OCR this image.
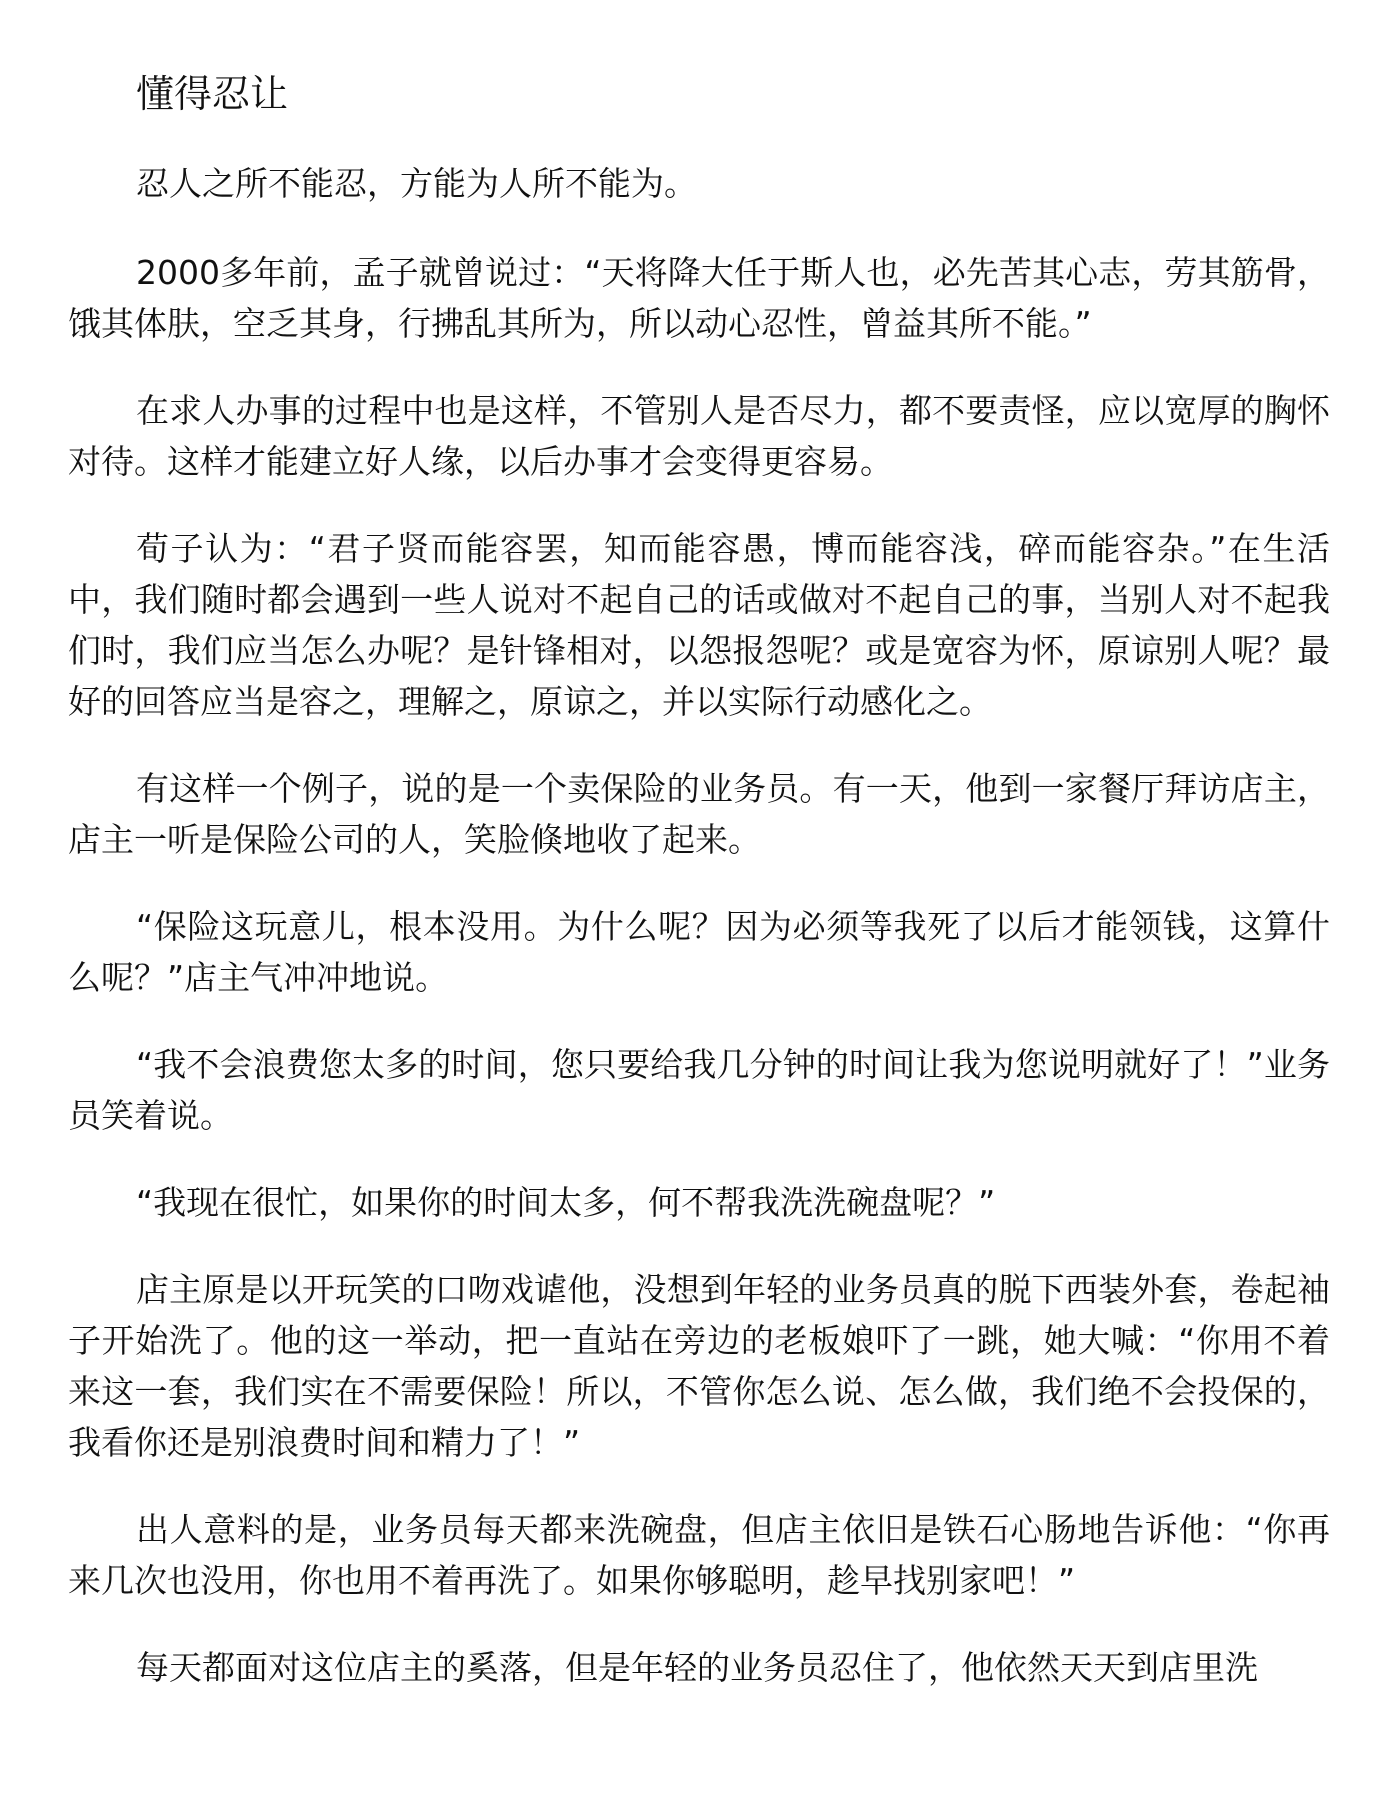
懂得忍让

忍人之所不能忍，方能为人所不能为。

2000多年前，孟子就曾说过：“天将降大任于斯人也，必先苦其心志，劳其筋骨，饿其体肤，空乏其身，行拂乱其所为，所以动心忍性，曾益其所不能。”

在求人办事的过程中也是这样，不管别人是否尽力，都不要责怪，应以宽厚的胸怀对待。这样才能建立好人缘，以后办事才会变得更容易。

荀子认为：“君子贤而能容罢，知而能容愚，博而能容浅，碎而能容杂。”在生活中，我们随时都会遇到一些人说对不起自己的话或做对不起自己的事，当别人对不起我们时，我们应当怎么办呢？是针锋相对，以怨报怨呢？或是宽容为怀，原谅别人呢？最好的回答应当是容之，理解之，原谅之，并以实际行动感化之。

有这样一个例子，说的是一个卖保险的业务员。有一天，他到一家餐厅拜访店主，店主一听是保险公司的人，笑脸倏地收了起来。

“保险这玩意儿，根本没用。为什么呢？因为必须等我死了以后才能领钱，这算什么呢？”店主气冲冲地说。

“我不会浪费您太多的时间，您只要给我几分钟的时间让我为您说明就好了！”业务员笑着说。

“我现在很忙，如果你的时间太多，何不帮我洗洗碗盘呢？”

店主原是以开玩笑的口吻戏谑他，没想到年轻的业务员真的脱下西装外套，卷起袖子开始洗了。他的这一举动，把一直站在旁边的老板娘吓了一跳，她大喊：“你用不着来这一套，我们实在不需要保险！所以，不管你怎么说、怎么做，我们绝不会投保的，我看你还是别浪费时间和精力了！”

出人意料的是，业务员每天都来洗碗盘，但店主依旧是铁石心肠地告诉他：“你再来几次也没用，你也用不着再洗了。如果你够聪明，趁早找别家吧！”

每天都面对这位店主的奚落，但是年轻的业务员忍住了，他依然天天到店里洗
